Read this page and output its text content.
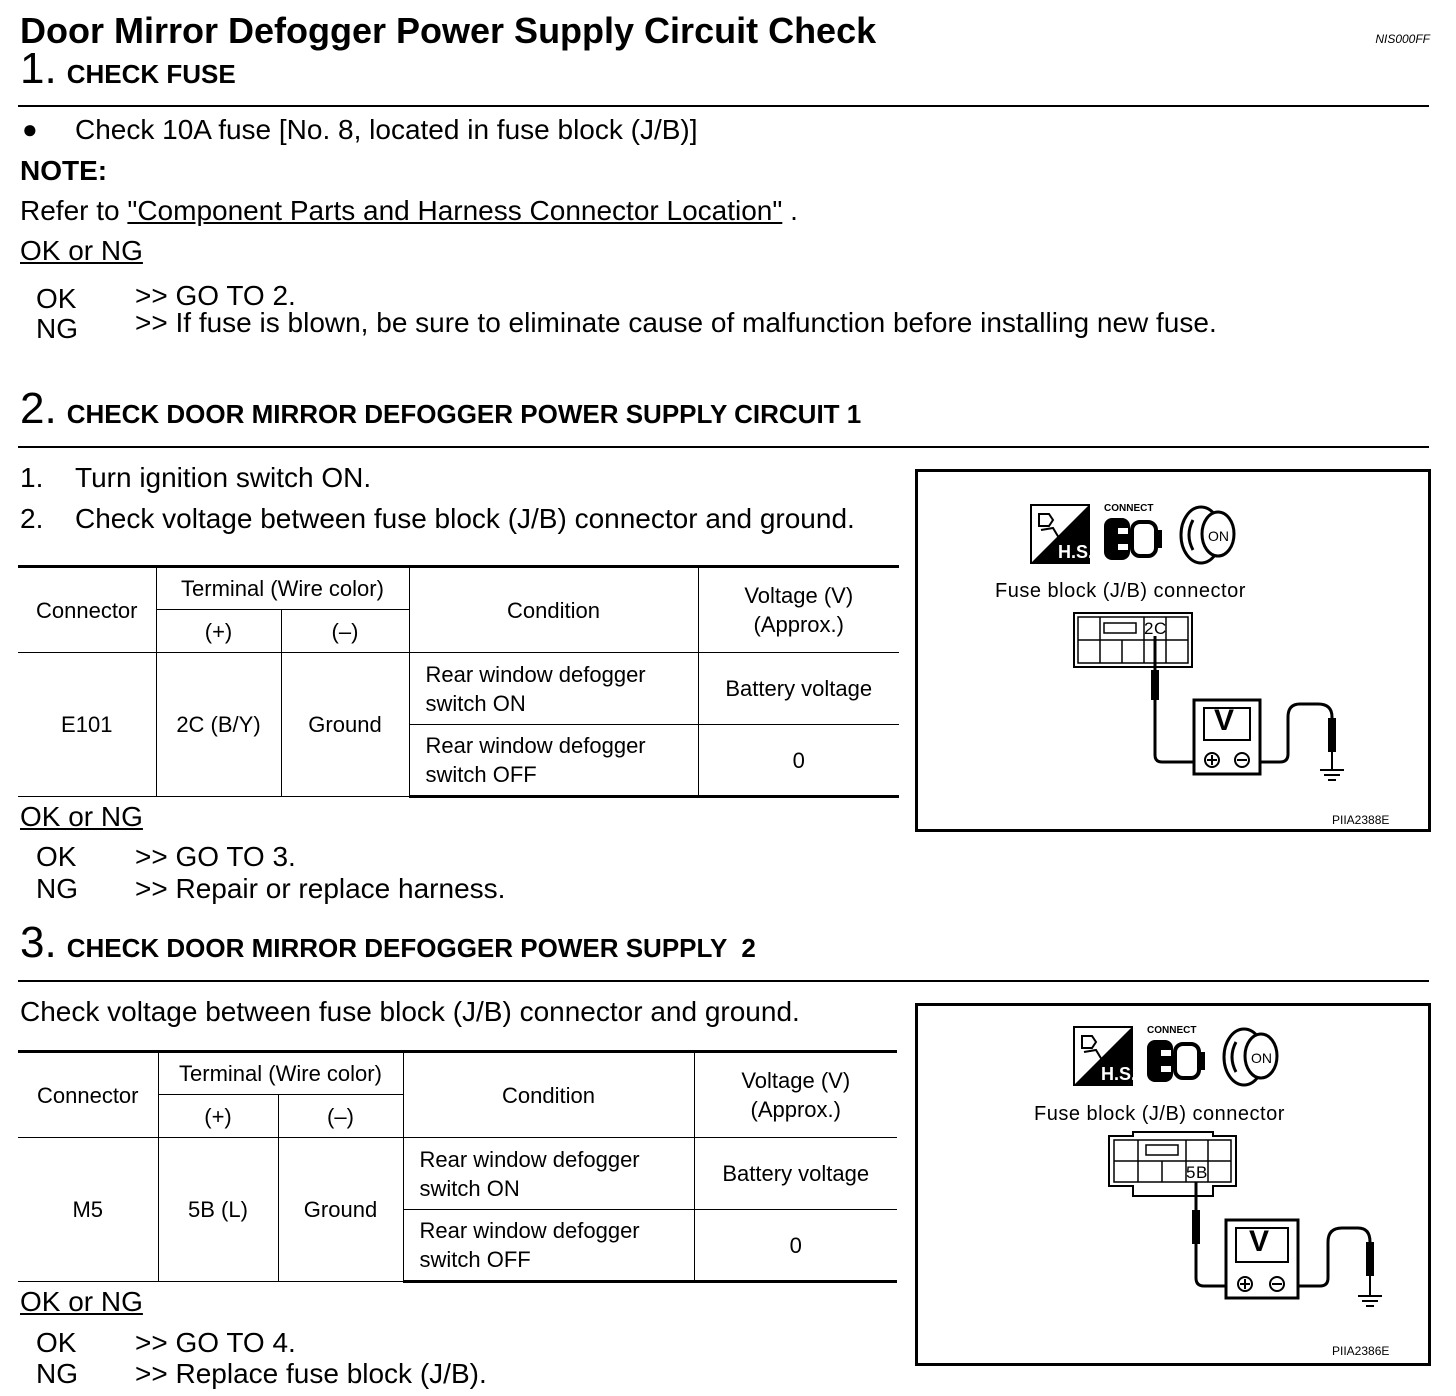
Door Mirror Defogger Power Supply Circuit Check	NIS000FF
1. CHECK FUSE
● Check 10A fuse [No. 8, located in fuse block (J/B)]
NOTE:
Refer to "Component Parts and Harness Connector Location" .
OK or NG
OK >> GO TO 2.
NG >> If fuse is blown, be sure to eliminate cause of malfunction before installing new fuse.
2. CHECK DOOR MIRROR DEFOGGER POWER SUPPLY CIRCUIT 1
1. Turn ignition switch ON.
2. Check voltage between fuse block (J/B) connector and ground.
Connector	Terminal (Wire color)		Condition	Voltage (V)
(Approx.)

	(+)	(–)		
E101	2C (B/Y)	Ground	Rear window defogger
switch ON	Battery voltage

			Rear window defogger
switch OFF	0
H.S.
CONNECT
ON
Fuse block (J/B) connector
2C
V
PIIA2388E
OK or NG
OK >> GO TO 3.
NG >> Repair or replace harness.
3. CHECK DOOR MIRROR DEFOGGER POWER SUPPLY  2
Check voltage between fuse block (J/B) connector and ground.
Connector	Terminal (Wire color)		Condition	Voltage (V)
(Approx.)

	(+)	(–)		
M5	5B (L)	Ground	Rear window defogger
switch ON	Battery voltage

			Rear window defogger
switch OFF	0
H.S.
CONNECT
ON
Fuse block (J/B) connector
5B
V
PIIA2386E
OK or NG
OK >> GO TO 4.
NG >> Replace fuse block (J/B).
